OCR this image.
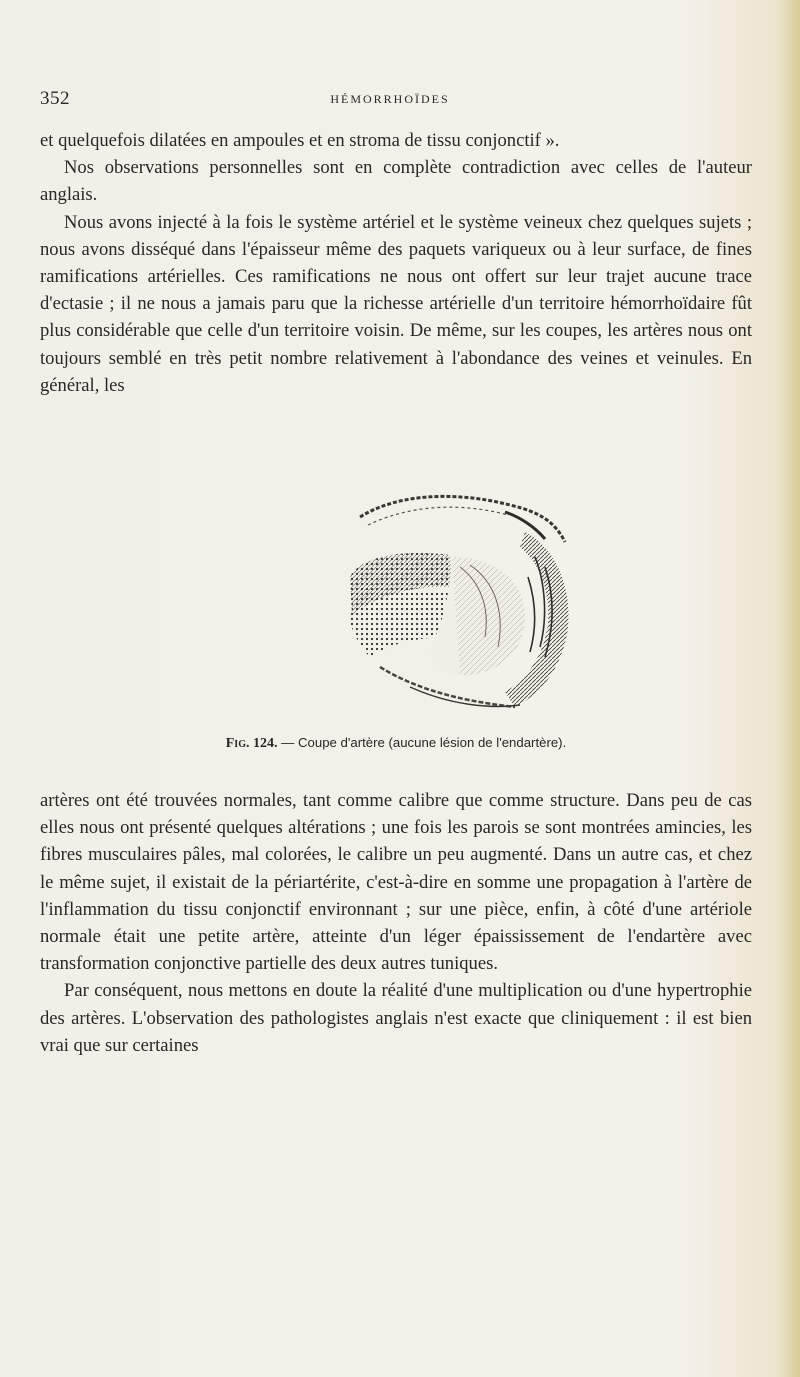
352	HÉMORRHOÏDES

et quelquefois dilatées en ampoules et en stroma de tissu conjonctif ».

Nos observations personnelles sont en complète contradiction avec celles de l'auteur anglais.

Nous avons injecté à la fois le système artériel et le système veineux chez quelques sujets ; nous avons disséqué dans l'épaisseur même des paquets variqueux ou à leur surface, de fines ramifications artérielles. Ces ramifications ne nous ont offert sur leur trajet aucune trace d'ectasie ; il ne nous a jamais paru que la richesse artérielle d'un territoire hémorrhoïdaire fût plus considérable que celle d'un territoire voisin. De même, sur les coupes, les artères nous ont toujours semblé en très petit nombre relativement à l'abondance des veines et veinules. En général, les

Fig. 124. — Coupe d'artère (aucune lésion de l'endartère).

artères ont été trouvées normales, tant comme calibre que comme structure. Dans peu de cas elles nous ont présenté quelques altérations ; une fois les parois se sont montrées amincies, les fibres musculaires pâles, mal colorées, le calibre un peu augmenté. Dans un autre cas, et chez le même sujet, il existait de la périartérite, c'est-à-dire en somme une propagation à l'artère de l'inflammation du tissu conjonctif environnant ; sur une pièce, enfin, à côté d'une artériole normale était une petite artère, atteinte d'un léger épaississement de l'endartère avec transformation conjonctive partielle des deux autres tuniques.

Par conséquent, nous mettons en doute la réalité d'une multiplication ou d'une hypertrophie des artères. L'observation des pathologistes anglais n'est exacte que cliniquement : il est bien vrai que sur certaines
